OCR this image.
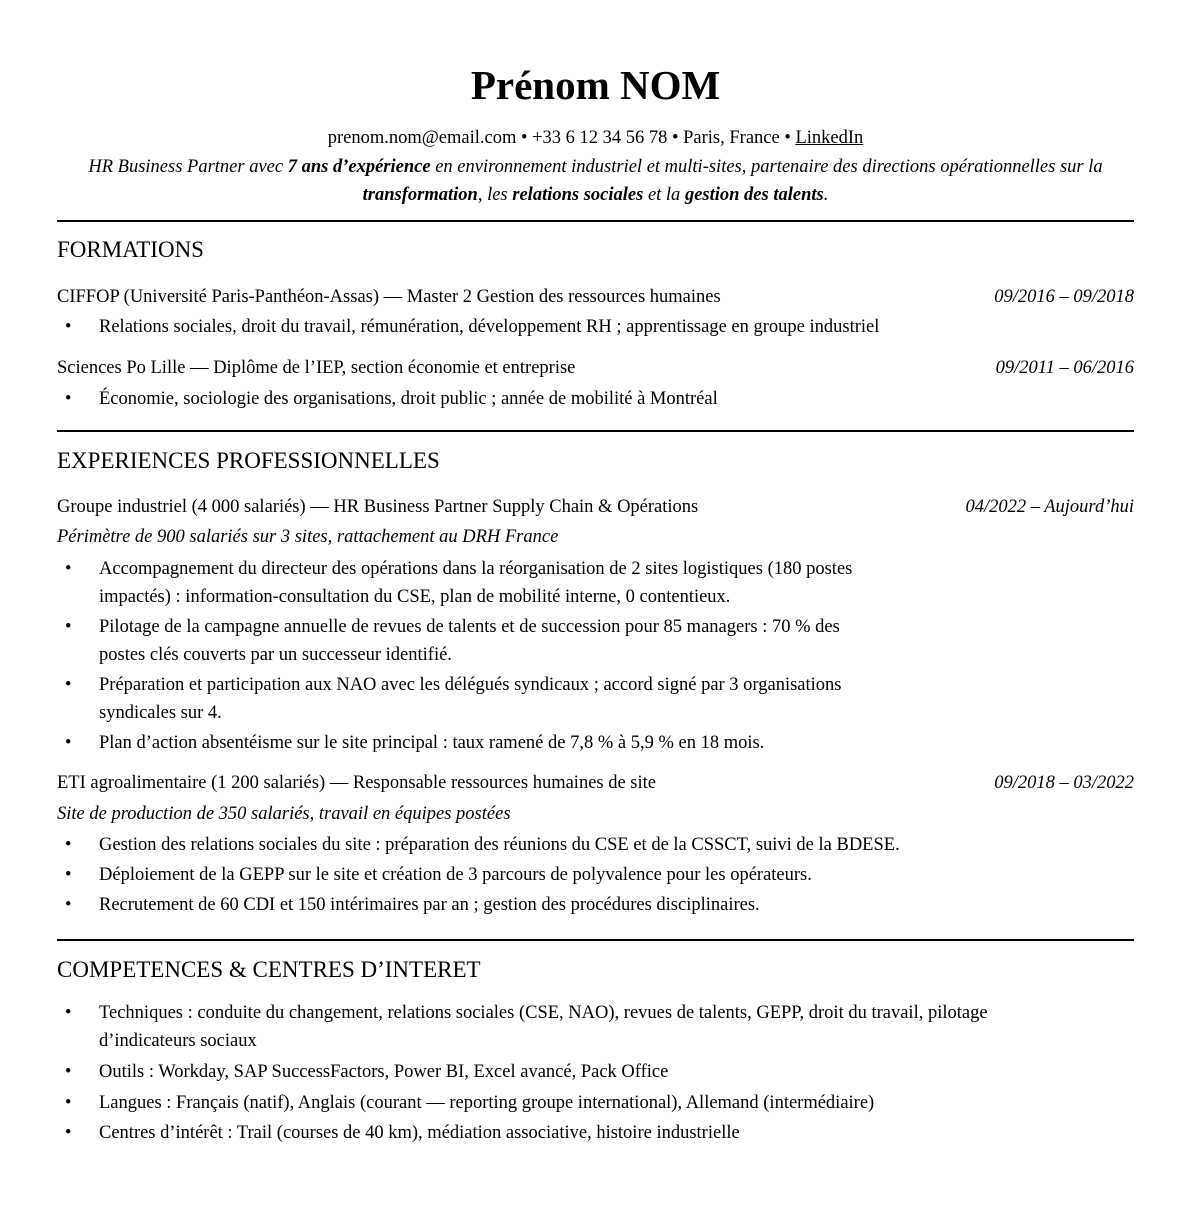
Prénom NOM
prenom.nom@email.com • +33 6 12 34 56 78 • Paris, France • LinkedIn
HR Business Partner avec 7 ans d’expérience en environnement industriel et multi-sites, partenaire des directions opérationnelles sur la transformation, les relations sociales et la gestion des talents.
FORMATIONS
CIFFOP (Université Paris-Panthéon-Assas) — Master 2 Gestion des ressources humaines	09/2016 – 09/2018
• Relations sociales, droit du travail, rémunération, développement RH ; apprentissage en groupe industriel
Sciences Po Lille — Diplôme de l’IEP, section économie et entreprise	09/2011 – 06/2016
• Économie, sociologie des organisations, droit public ; année de mobilité à Montréal
EXPERIENCES PROFESSIONNELLES
Groupe industriel (4 000 salariés) — HR Business Partner Supply Chain & Opérations	04/2022 – Aujourd’hui
Périmètre de 900 salariés sur 3 sites, rattachement au DRH France
• Accompagnement du directeur des opérations dans la réorganisation de 2 sites logistiques (180 postes
impactés) : information-consultation du CSE, plan de mobilité interne, 0 contentieux.
• Pilotage de la campagne annuelle de revues de talents et de succession pour 85 managers : 70 % des
postes clés couverts par un successeur identifié.
• Préparation et participation aux NAO avec les délégués syndicaux ; accord signé par 3 organisations
syndicales sur 4.
• Plan d’action absentéisme sur le site principal : taux ramené de 7,8 % à 5,9 % en 18 mois.
ETI agroalimentaire (1 200 salariés) — Responsable ressources humaines de site	09/2018 – 03/2022
Site de production de 350 salariés, travail en équipes postées
• Gestion des relations sociales du site : préparation des réunions du CSE et de la CSSCT, suivi de la BDESE.
• Déploiement de la GEPP sur le site et création de 3 parcours de polyvalence pour les opérateurs.
• Recrutement de 60 CDI et 150 intérimaires par an ; gestion des procédures disciplinaires.
COMPETENCES & CENTRES D’INTERET
• Techniques : conduite du changement, relations sociales (CSE, NAO), revues de talents, GEPP, droit du travail, pilotage
d’indicateurs sociaux
• Outils : Workday, SAP SuccessFactors, Power BI, Excel avancé, Pack Office
• Langues : Français (natif), Anglais (courant — reporting groupe international), Allemand (intermédiaire)
• Centres d’intérêt : Trail (courses de 40 km), médiation associative, histoire industrielle
